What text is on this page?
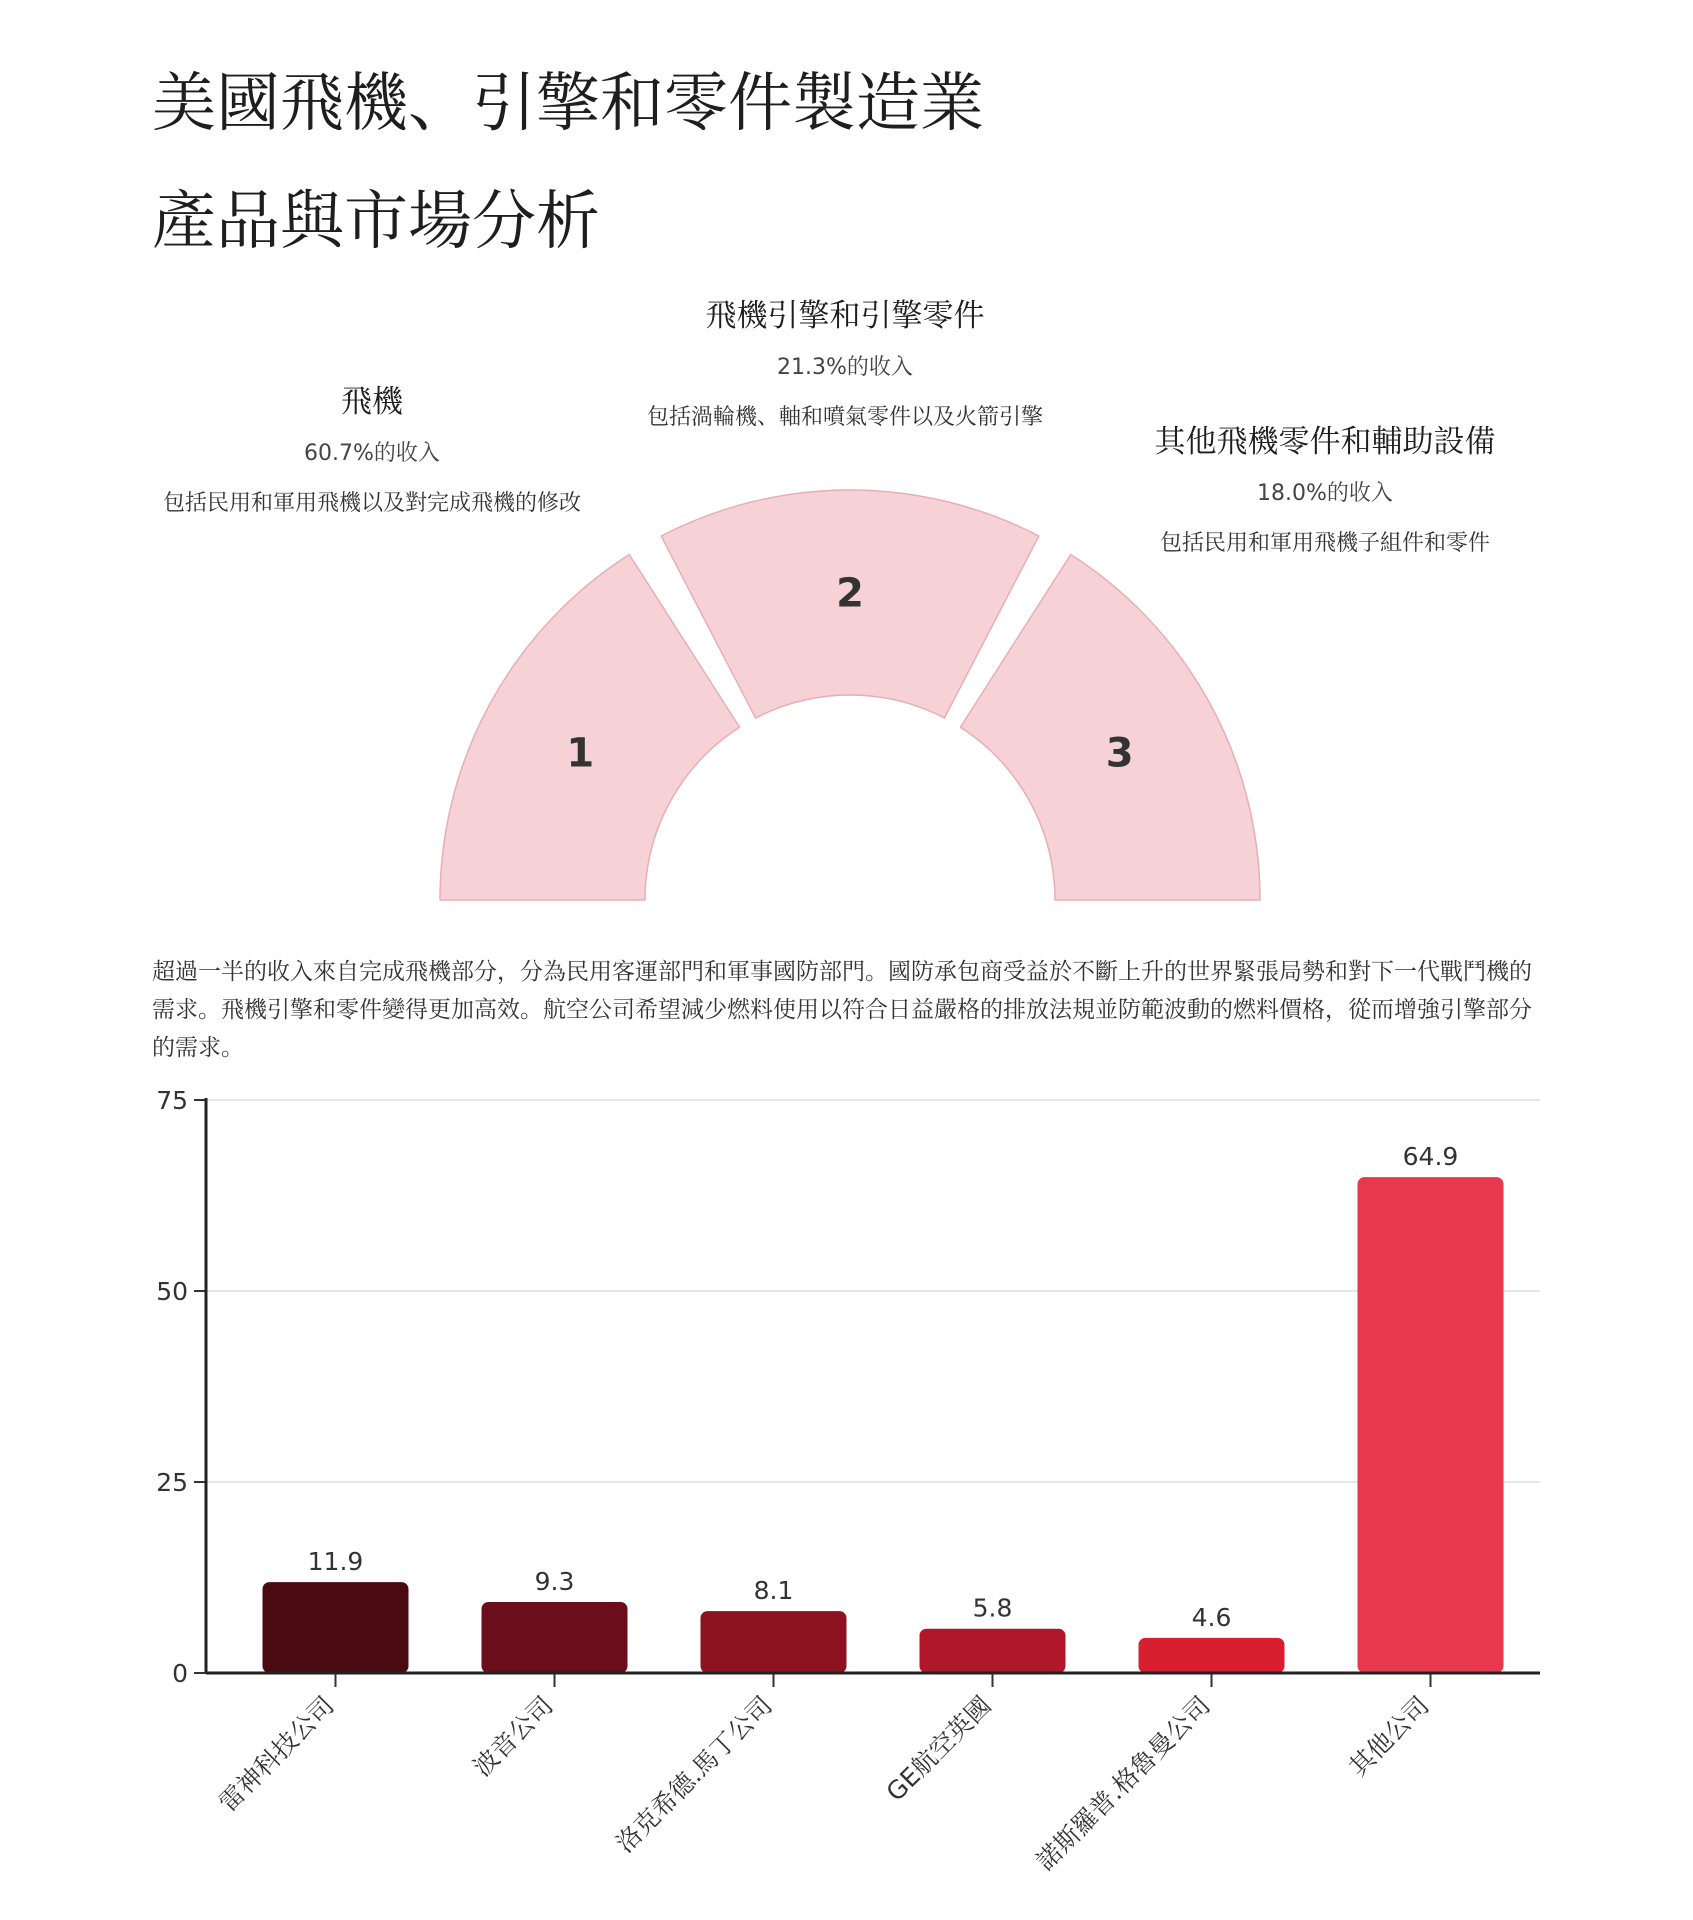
美國飛機、引擎和零件製造業
產品與市場分析
飛機
60.7%的收入
包括民用和軍用飛機以及對完成飛機的修改
飛機引擎和引擎零件
21.3%的收入
包括渦輪機、軸和噴氣零件以及火箭引擎
其他飛機零件和輔助設備
18.0%的收入
包括民用和軍用飛機子組件和零件
1
2
3

超過一半的收入來自完成飛機部分，分為民用客運部門和軍事國防部門。國防承包商受益於不斷上升的世界緊張局勢和對下一代戰鬥機的需求。飛機引擎和零件變得更加高效。航空公司希望減少燃料使用以符合日益嚴格的排放法規並防範波動的燃料價格，從而增強引擎部分的需求。

0
25
50
75
11.9
雷神科技公司
9.3
波音公司
8.1
洛克希德.馬丁公司
5.8
GE航空英國
4.6
諾斯羅普.格魯曼公司
64.9
其他公司
